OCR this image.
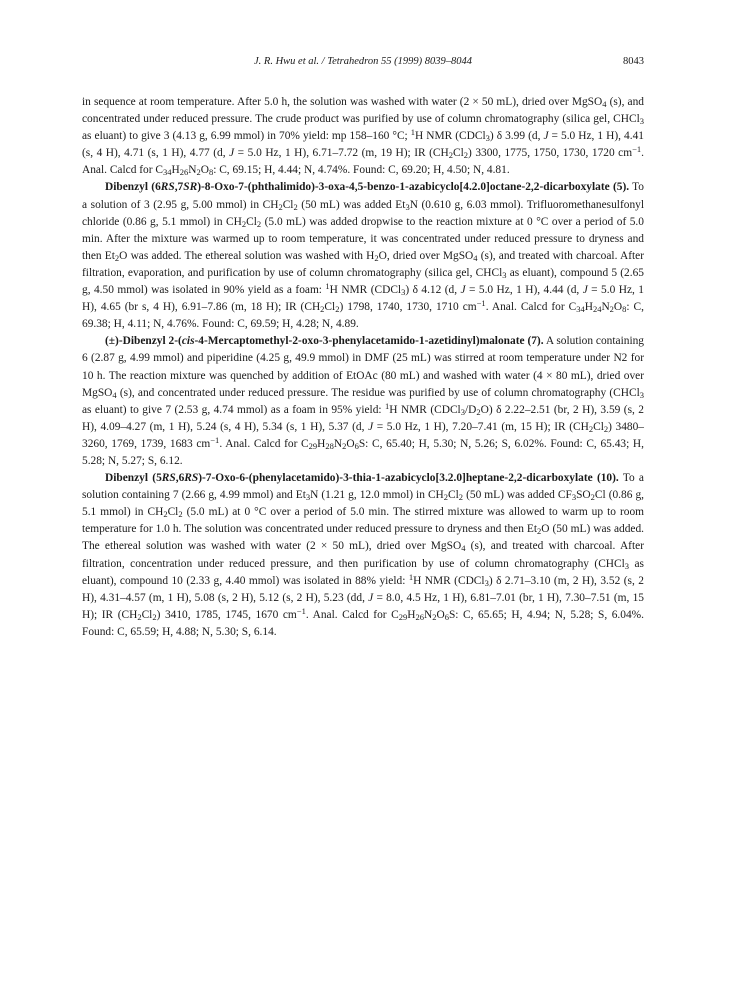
J. R. Hwu et al. / Tetrahedron 55 (1999) 8039–8044	8043

in sequence at room temperature. After 5.0 h, the solution was washed with water (2 × 50 mL), dried over MgSO$_4$ (s), and concentrated under reduced pressure. The crude product was purified by use of column chromatography (silica gel, CHCl$_3$ as eluant) to give 3 (4.13 g, 6.99 mmol) in 70% yield: mp 158–160 °C; $^1$H NMR (CDCl$_3$) δ 3.99 (d, J = 5.0 Hz, 1 H), 4.41 (s, 4 H), 4.71 (s, 1 H), 4.77 (d, J = 5.0 Hz, 1 H), 6.71–7.72 (m, 19 H); IR $(CH_2Cl_2)$ 3300, 1775, 1750, 1730, 1720 $cm^{-1}$. Anal. Calcd for $C_{34}H_{26}N_2O_8$: C, 69.15; H, 4.44; N, 4.74%. Found: C, 69.20; H, 4.50; N, 4.81.

Dibenzyl (6RS,7SR)-8-Oxo-7-(phthalimido)-3-oxa-4,5-benzo-1-azabicyclo[4.2.0]octane-2,2-dicarboxylate (5). To a solution of 3 (2.95 g, 5.00 mmol) in $CH_2Cl_2$ (50 mL) was added $Et_3N$ (0.610 g, 6.03 mmol). Trifluoromethanesulfonyl chloride (0.86 g, 5.1 mmol) in $CH_2Cl_2$ (5.0 mL) was added dropwise to the reaction mixture at 0 °C over a period of 5.0 min. After the mixture was warmed up to room temperature, it was concentrated under reduced pressure to dryness and then $Et_2O$ was added. The ethereal solution was washed with $H_2O$, dried over MgSO$_4$ (s), and treated with charcoal. After filtration, evaporation, and purification by use of column chromatography (silica gel, CHCl$_3$ as eluant), compound 5 (2.65 g, 4.50 mmol) was isolated in 90% yield as a foam: $^1$H NMR (CDCl$_3$) δ 4.12 (d, J = 5.0 Hz, 1 H), 4.44 (d, J = 5.0 Hz, 1 H), 4.65 (br s, 4 H), 6.91–7.86 (m, 18 H); IR $(CH_2Cl_2)$ 1798, 1740, 1730, 1710 $cm^{-1}$. Anal. Calcd for $C_{34}H_{24}N_2O_8$: C, 69.38; H, 4.11; N, 4.76%. Found: C, 69.59; H, 4.28; N, 4.89.

(±)-Dibenzyl 2-(cis-4-Mercaptomethyl-2-oxo-3-phenylacetamido-1-azetidinyl)malonate (7). A solution containing 6 (2.87 g, 4.99 mmol) and piperidine (4.25 g, 49.9 mmol) in DMF (25 mL) was stirred at room temperature under N2 for 10 h. The reaction mixture was quenched by addition of EtOAc (80 mL) and washed with water (4 × 80 mL), dried over MgSO$_4$ (s), and concentrated under reduced pressure. The residue was purified by use of column chromatography (CHCl$_3$ as eluant) to give 7 (2.53 g, 4.74 mmol) as a foam in 95% yield: $^1$H NMR $(CDCl_3/D_2O)$ δ 2.22–2.51 (br, 2 H), 3.59 (s, 2 H), 4.09–4.27 (m, 1 H), 5.24 (s, 4 H), 5.34 (s, 1 H), 5.37 (d, J = 5.0 Hz, 1 H), 7.20–7.41 (m, 15 H); IR $(CH_2Cl_2)$ 3480–3260, 1769, 1739, 1683 $cm^{-1}$. Anal. Calcd for $C_{29}H_{28}N_2O_6S$: C, 65.40; H, 5.30; N, 5.26; S, 6.02%. Found: C, 65.43; H, 5.28; N, 5.27; S, 6.12.

Dibenzyl (5RS,6RS)-7-Oxo-6-(phenylacetamido)-3-thia-1-azabicyclo[3.2.0]heptane-2,2-dicarboxylate (10). To a solution containing 7 (2.66 g, 4.99 mmol) and $Et_3N$ (1.21 g, 12.0 mmol) in $CH_2Cl_2$ (50 mL) was added $CF_3SO_2Cl$ (0.86 g, 5.1 mmol) in $CH_2Cl_2$ (5.0 mL) at 0 °C over a period of 5.0 min. The stirred mixture was allowed to warm up to room temperature for 1.0 h. The solution was concentrated under reduced pressure to dryness and then $Et_2O$ (50 mL) was added. The ethereal solution was washed with water (2 × 50 mL), dried over MgSO$_4$ (s), and treated with charcoal. After filtration, concentration under reduced pressure, and then purification by use of column chromatography (CHCl$_3$ as eluant), compound 10 (2.33 g, 4.40 mmol) was isolated in 88% yield: $^1$H NMR (CDCl$_3$) δ 2.71–3.10 (m, 2 H), 3.52 (s, 2 H), 4.31–4.57 (m, 1 H), 5.08 (s, 2 H), 5.12 (s, 2 H), 5.23 (dd, J = 8.0, 4.5 Hz, 1 H), 6.81–7.01 (br, 1 H), 7.30–7.51 (m, 15 H); IR $(CH_2Cl_2)$ 3410, 1785, 1745, 1670 $cm^{-1}$. Anal. Calcd for $C_{29}H_{26}N_2O_6S$: C, 65.65; H, 4.94; N, 5.28; S, 6.04%. Found: C, 65.59; H, 4.88; N, 5.30; S, 6.14.
